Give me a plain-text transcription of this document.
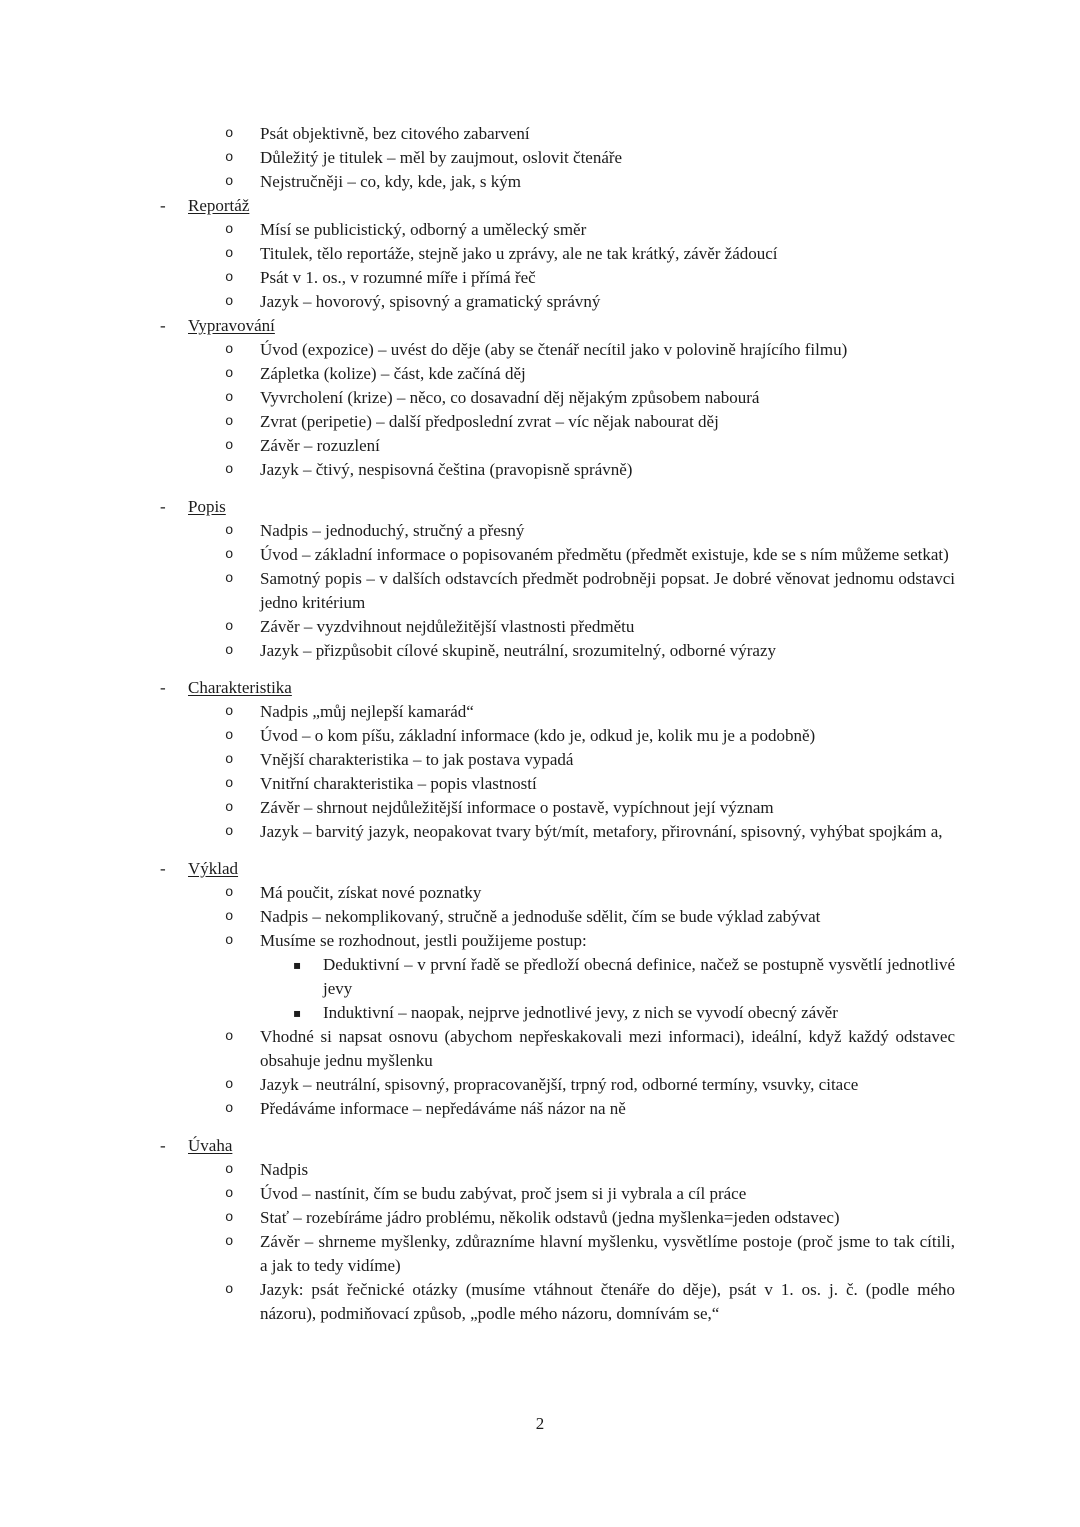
o Psát objektivně, bez citového zabarvení
o Důležitý je titulek – měl by zaujmout, oslovit čtenáře
o Nejstručněji – co, kdy, kde, jak, s kým
- Reportáž
o Mísí se publicistický, odborný a umělecký směr
o Titulek, tělo reportáže, stejně jako u zprávy, ale ne tak krátký, závěr žádoucí
o Psát v 1. os., v rozumné míře i přímá řeč
o Jazyk – hovorový, spisovný a gramatický správný
- Vypravování
o Úvod (expozice) – uvést do děje (aby se čtenář necítil jako v polovině hrajícího filmu)
o Zápletka (kolize) – část, kde začíná děj
o Vyvrcholení (krize) – něco, co dosavadní děj nějakým způsobem nabourá
o Zvrat (peripetie) – další předposlední zvrat – víc nějak nabourat děj
o Závěr – rozuzlení
o Jazyk – čtivý, nespisovná čeština (pravopisně správně)
- Popis
o Nadpis – jednoduchý, stručný a přesný
o Úvod – základní informace o popisovaném předmětu (předmět existuje, kde se s ním můžeme setkat)
o Samotný popis – v dalších odstavcích předmět podrobněji popsat. Je dobré věnovat jednomu odstavci jedno kritérium
o Závěr – vyzdvihnout nejdůležitější vlastnosti předmětu
o Jazyk – přizpůsobit cílové skupině, neutrální, srozumitelný, odborné výrazy
- Charakteristika
o Nadpis „můj nejlepší kamarád“
o Úvod – o kom píšu, základní informace (kdo je, odkud je, kolik mu je a podobně)
o Vnější charakteristika – to jak postava vypadá
o Vnitřní charakteristika – popis vlastností
o Závěr – shrnout nejdůležitější informace o postavě, vypíchnout její význam
o Jazyk – barvitý jazyk, neopakovat tvary být/mít, metafory, přirovnání, spisovný, vyhýbat spojkám a,
- Výklad
o Má poučit, získat nové poznatky
o Nadpis – nekomplikovaný, stručně a jednoduše sdělit, čím se bude výklad zabývat
o Musíme se rozhodnout, jestli použijeme postup:
▪ Deduktivní – v první řadě se předloží obecná definice, načež se postupně vysvětlí jednotlivé jevy
▪ Induktivní – naopak, nejprve jednotlivé jevy, z nich se vyvodí obecný závěr
o Vhodné si napsat osnovu (abychom nepřeskakovali mezi informaci), ideální, když každý odstavec obsahuje jednu myšlenku
o Jazyk – neutrální, spisovný, propracovanější, trpný rod, odborné termíny, vsuvky, citace
o Předáváme informace – nepředáváme náš názor na ně
- Úvaha
o Nadpis
o Úvod – nastínit, čím se budu zabývat, proč jsem si ji vybrala a cíl práce
o Stať – rozebíráme jádro problému, několik odstavů (jedna myšlenka=jeden odstavec)
o Závěr – shrneme myšlenky, zdůrazníme hlavní myšlenku, vysvětlíme postoje (proč jsme to tak cítili, a jak to tedy vidíme)
o Jazyk: psát řečnické otázky (musíme vtáhnout čtenáře do děje), psát v 1. os. j. č. (podle mého názoru), podmiňovací způsob, „podle mého názoru, domnívám se,“
2
